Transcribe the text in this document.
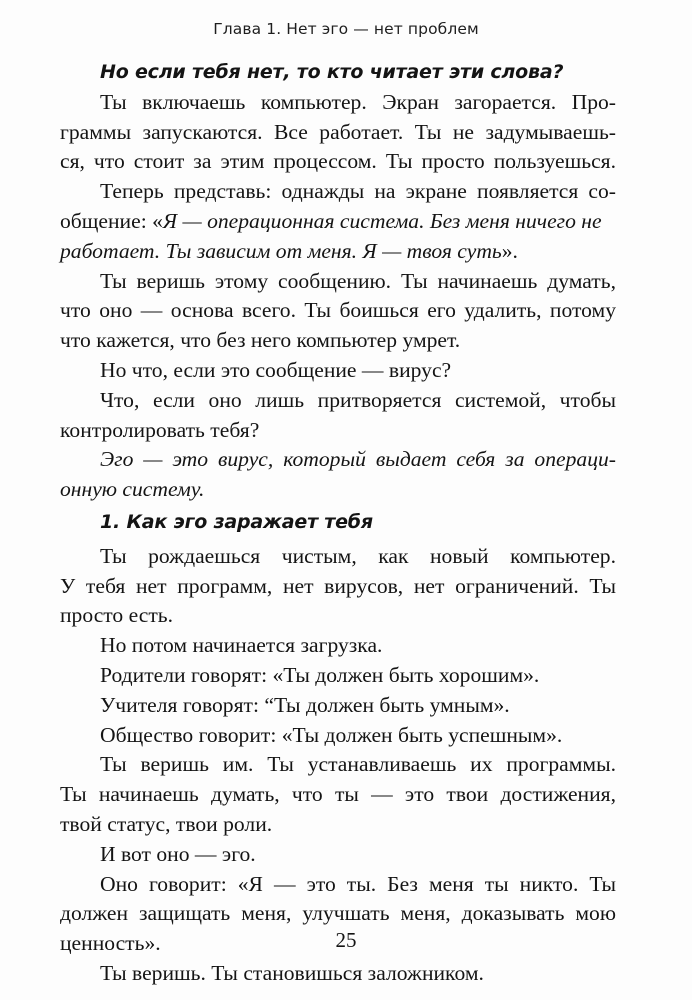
Глава 1. Нет эго — нет проблем
Но если тебя нет, то кто читает эти слова?
Ты включаешь компьютер. Экран загорается. Про-
граммы запускаются. Все работает. Ты не задумываешь-
ся, что стоит за этим процессом. Ты просто пользуешься.
Теперь представь: однажды на экране появляется со-
общение: «Я — операционная система. Без меня ничего не
работает. Ты зависим от меня. Я — твоя суть».
Ты веришь этому сообщению. Ты начинаешь думать,
что оно — основа всего. Ты боишься его удалить, потому
что кажется, что без него компьютер умрет.
Но что, если это сообщение — вирус?
Что, если оно лишь притворяется системой, чтобы
контролировать тебя?
Эго — это вирус, который выдает себя за операци-
онную систему.
1. Как эго заражает тебя
Ты рождаешься чистым, как новый компьютер.
У тебя нет программ, нет вирусов, нет ограничений. Ты
просто есть.
Но потом начинается загрузка.
Родители говорят: «Ты должен быть хорошим».
Учителя говорят: “Ты должен быть умным».
Общество говорит: «Ты должен быть успешным».
Ты веришь им. Ты устанавливаешь их программы.
Ты начинаешь думать, что ты — это твои достижения,
твой статус, твои роли.
И вот оно — эго.
Оно говорит: «Я — это ты. Без меня ты никто. Ты
должен защищать меня, улучшать меня, доказывать мою
ценность».
Ты веришь. Ты становишься заложником.
25
